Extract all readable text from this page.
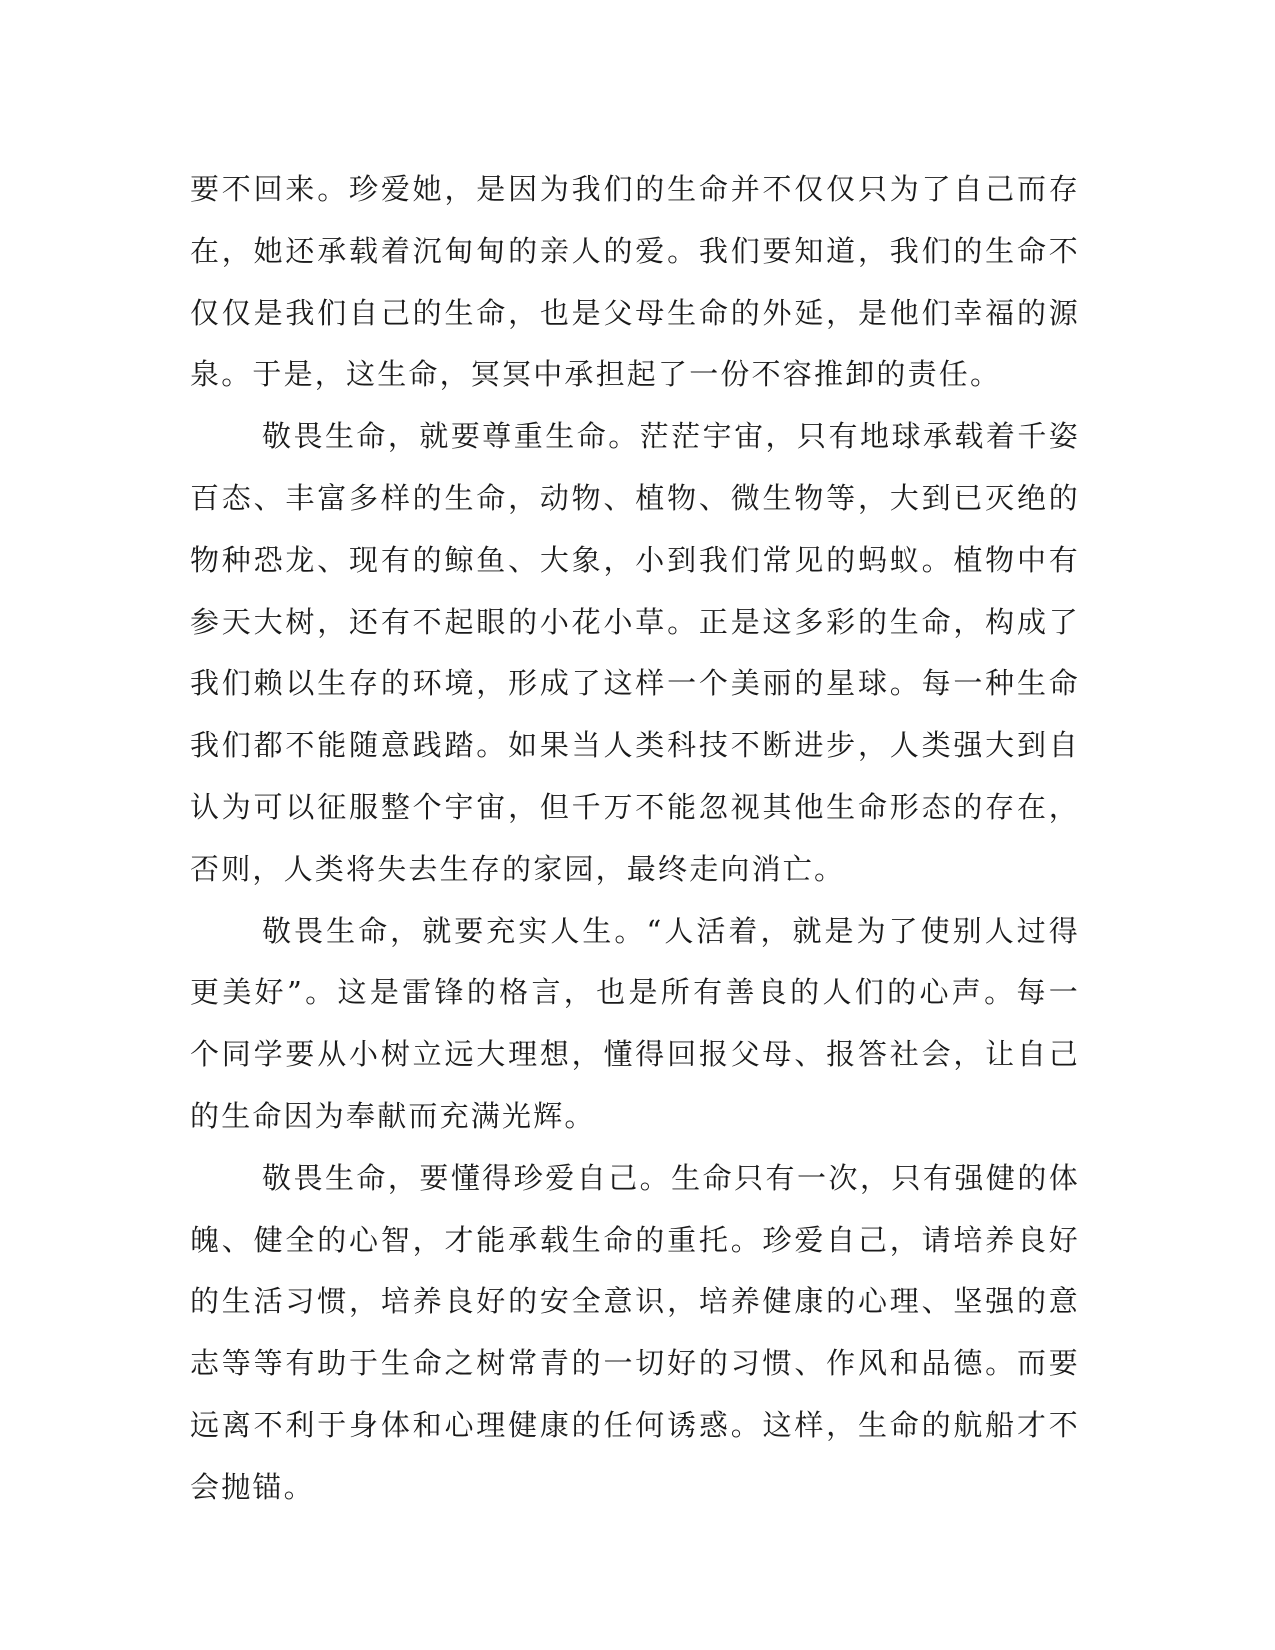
要不回来。珍爱她，是因为我们的生命并不仅仅只为了自己而存在，她还承载着沉甸甸的亲人的爱。我们要知道，我们的生命不仅仅是我们自己的生命，也是父母生命的外延，是他们幸福的源泉。于是，这生命，冥冥中承担起了一份不容推卸的责任。

敬畏生命，就要尊重生命。茫茫宇宙，只有地球承载着千姿百态、丰富多样的生命，动物、植物、微生物等，大到已灭绝的物种恐龙、现有的鲸鱼、大象，小到我们常见的蚂蚁。植物中有参天大树，还有不起眼的小花小草。正是这多彩的生命，构成了我们赖以生存的环境，形成了这样一个美丽的星球。每一种生命我们都不能随意践踏。如果当人类科技不断进步，人类强大到自认为可以征服整个宇宙，但千万不能忽视其他生命形态的存在，否则，人类将失去生存的家园，最终走向消亡。

敬畏生命，就要充实人生。“人活着，就是为了使别人过得更美好”。这是雷锋的格言，也是所有善良的人们的心声。每一个同学要从小树立远大理想，懂得回报父母、报答社会，让自己的生命因为奉献而充满光辉。

敬畏生命，要懂得珍爱自己。生命只有一次，只有强健的体魄、健全的心智，才能承载生命的重托。珍爱自己，请培养良好的生活习惯，培养良好的安全意识，培养健康的心理、坚强的意志等等有助于生命之树常青的一切好的习惯、作风和品德。而要远离不利于身体和心理健康的任何诱惑。这样，生命的航船才不会抛锚。
